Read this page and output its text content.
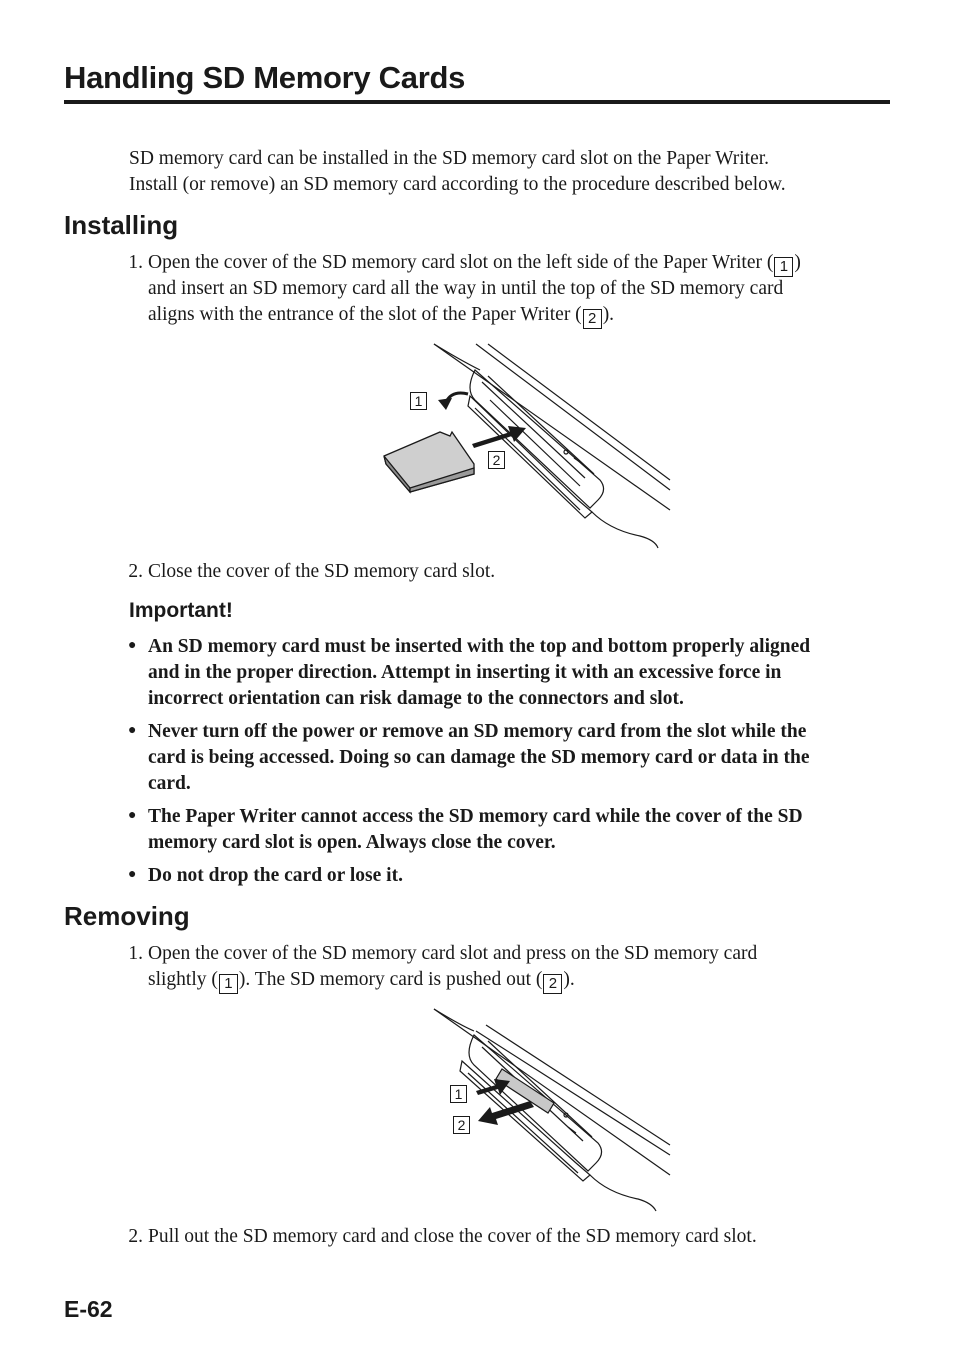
Handling SD Memory Cards
SD memory card can be installed in the SD memory card slot on the Paper Writer.
Install (or remove) an SD memory card according to the procedure described below.
Installing
1. Open the cover of the SD memory card slot on the left side of the Paper Writer ( 1 )
and insert an SD memory card all the way in until the top of the SD memory card
aligns with the entrance of the slot of the Paper Writer ( 2 ).
1
2
2. Close the cover of the SD memory card slot.
Important!
● An SD memory card must be inserted with the top and bottom properly aligned
and in the proper direction. Attempt in inserting it with an excessive force in
incorrect orientation can risk damage to the connectors and slot.
● Never turn off the power or remove an SD memory card from the slot while the
card is being accessed. Doing so can damage the SD memory card or data in the
card.
● The Paper Writer cannot access the SD memory card while the cover of the SD
memory card slot is open. Always close the cover.
● Do not drop the card or lose it.
Removing
1. Open the cover of the SD memory card slot and press on the SD memory card
slightly ( 1 ). The SD memory card is pushed out ( 2 ).
1
2
2. Pull out the SD memory card and close the cover of the SD memory card slot.
E-62
